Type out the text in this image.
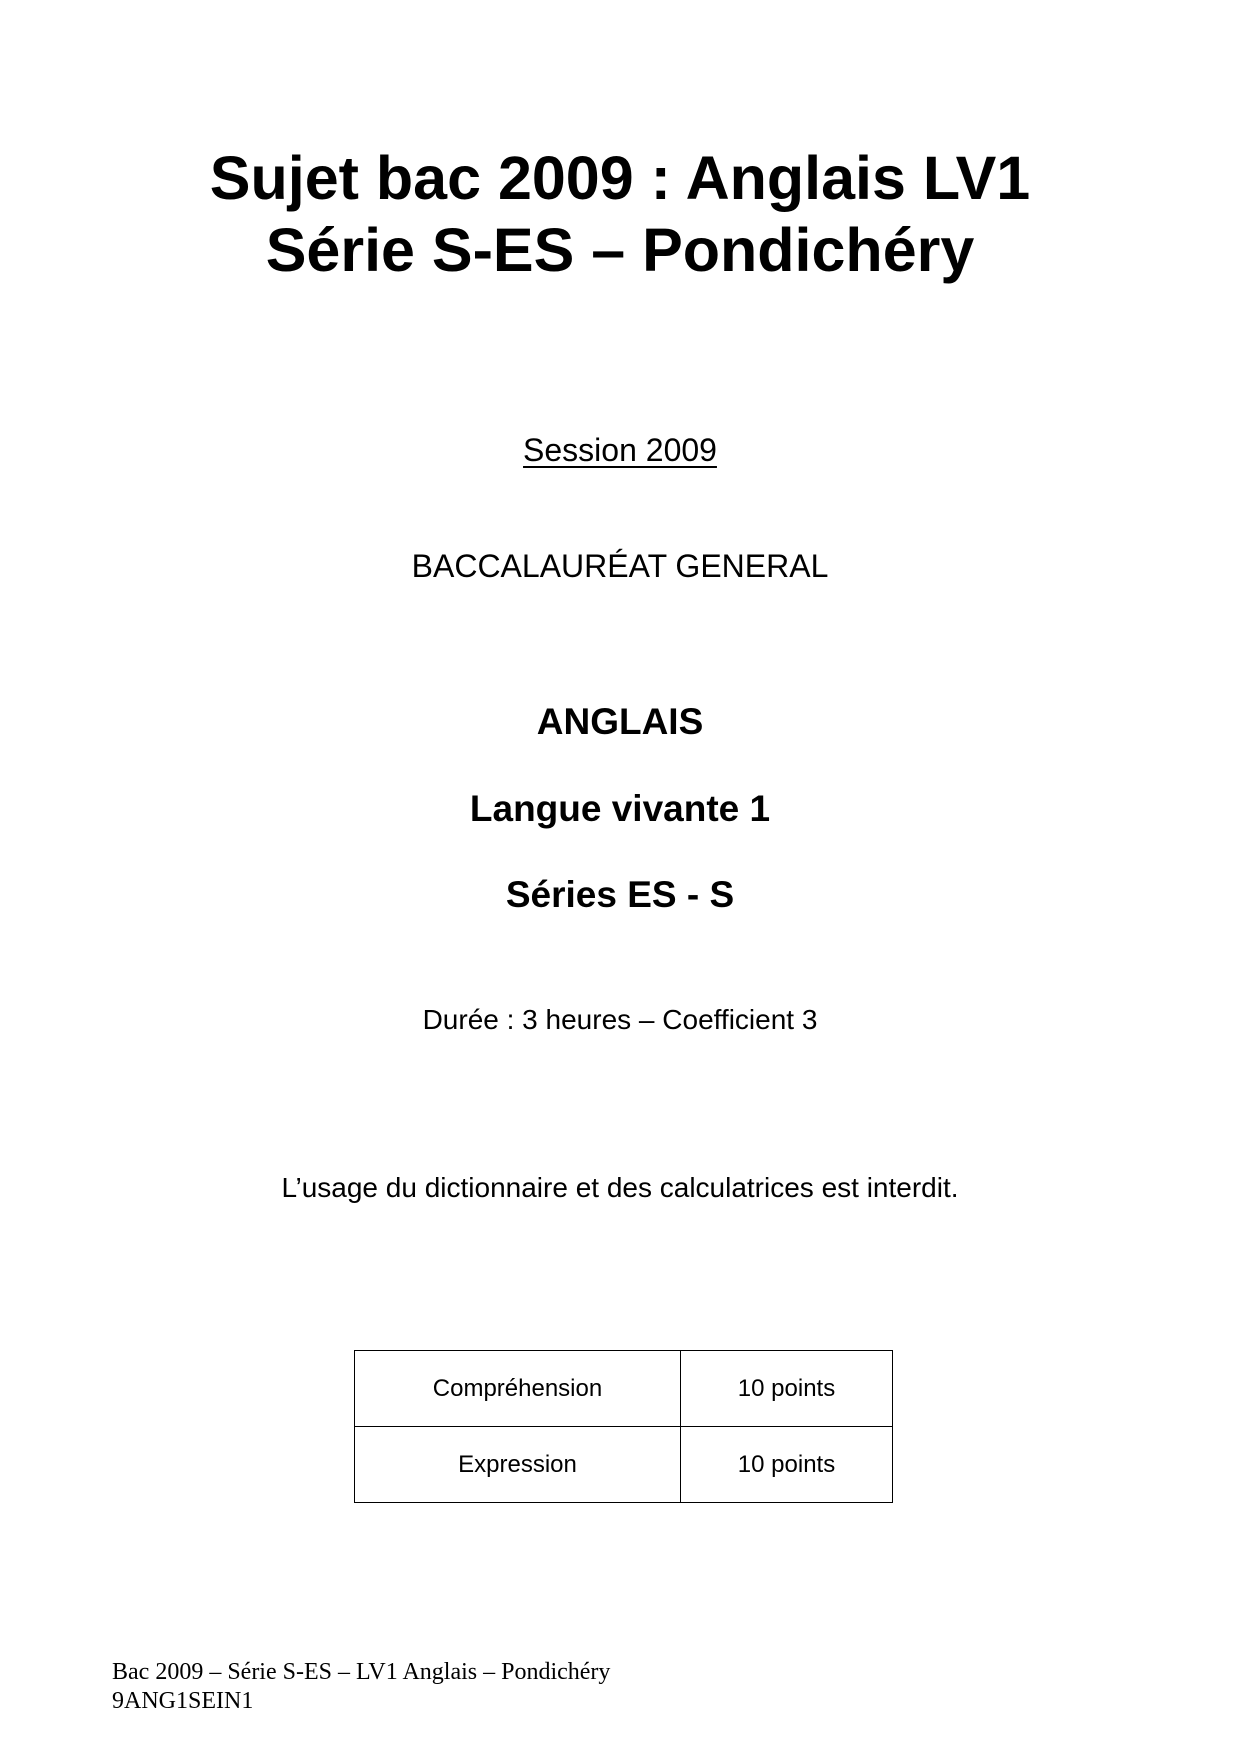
Sujet bac 2009 : Anglais LV1
Série S-ES – Pondichéry

Session 2009

BACCALAURÉAT GENERAL

ANGLAIS

Langue vivante 1

Séries ES - S

Durée : 3 heures – Coefficient 3

L’usage du dictionnaire et des calculatrices est interdit.

Compréhension	10 points
Expression	10 points
Bac 2009 – Série S-ES – LV1 Anglais – Pondichéry
9ANG1SEIN1
